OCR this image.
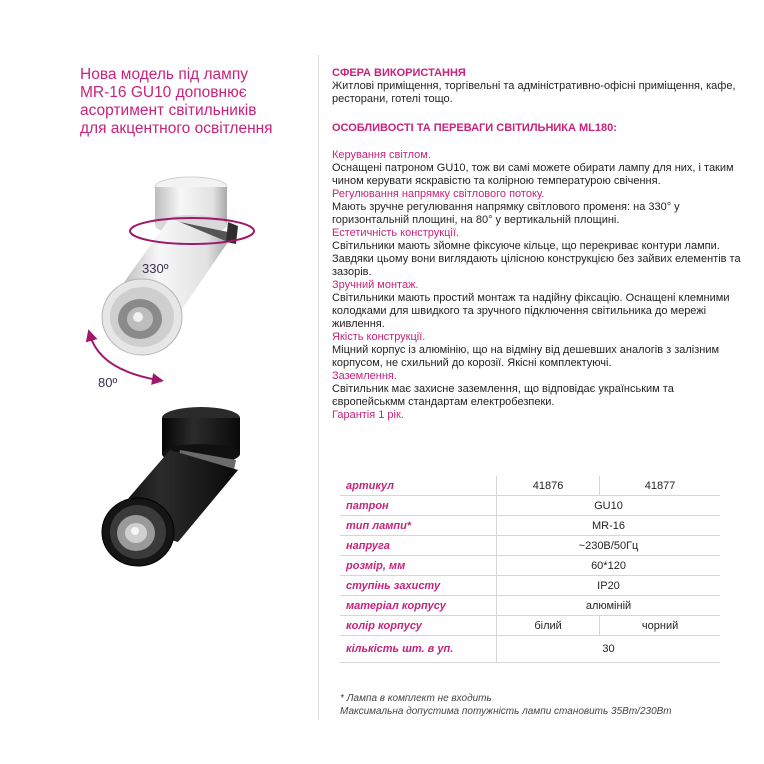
Нова модель під лампу
MR-16 GU10 доповнює
асортимент світильників
для акцентного освітлення
330º
80º

СФЕРА ВИКОРИСТАННЯ

Житлові приміщення, торгівельні та адміністративно-офісні приміщення, кафе, ресторани, готелі тощо.

ОСОБЛИВОСТІ ТА ПЕРЕВАГИ СВІТИЛЬНИКА ML180:

Керування світлом.

Оснащені патроном GU10, тож ви самі можете обирати лампу для них, і таким чином керувати яскравістю та колірною температурою свічення.

Регулювання напрямку світлового потоку.

Мають зручне регулювання напрямку світлового променя: на 330° у горизонтальній площині, на 80° у вертикальній площині.

Естетичність конструкції.

Світильники мають зйомне фіксуюче кільце, що перекриває контури лампи. Завдяки цьому вони виглядають цілісною конструкцією без зайвих елементів та зазорів.

Зручний монтаж.

Світильники мають простий монтаж та надійну фіксацію. Оснащені клемними колодками для швидкого та зручного підключення світильника до мережі живлення.

Якість конструкції.

Міцний корпус із алюмінію, що на відміну від дешевших аналогів з залізним корпусом, не схильний до корозії. Якісні комплектуючі.

Заземлення.

Світильник має захисне заземлення, що відповідає українським та європейськмм стандартам електробезпеки.

Гарантія 1 рік.

артикул	41876	41877
патрон	GU10	
тип лампи*	MR-16	
напруга	~230В/50Гц	
розмір, мм	60*120	
ступінь захисту	IP20	
матеріал корпусу	алюміній	
колір корпусу	білий	чорний
кількість шт. в уп.	30	

* Лампа в комплект не входить

Максимальна допустима потужність лампи становить 35Вт/230Вт
